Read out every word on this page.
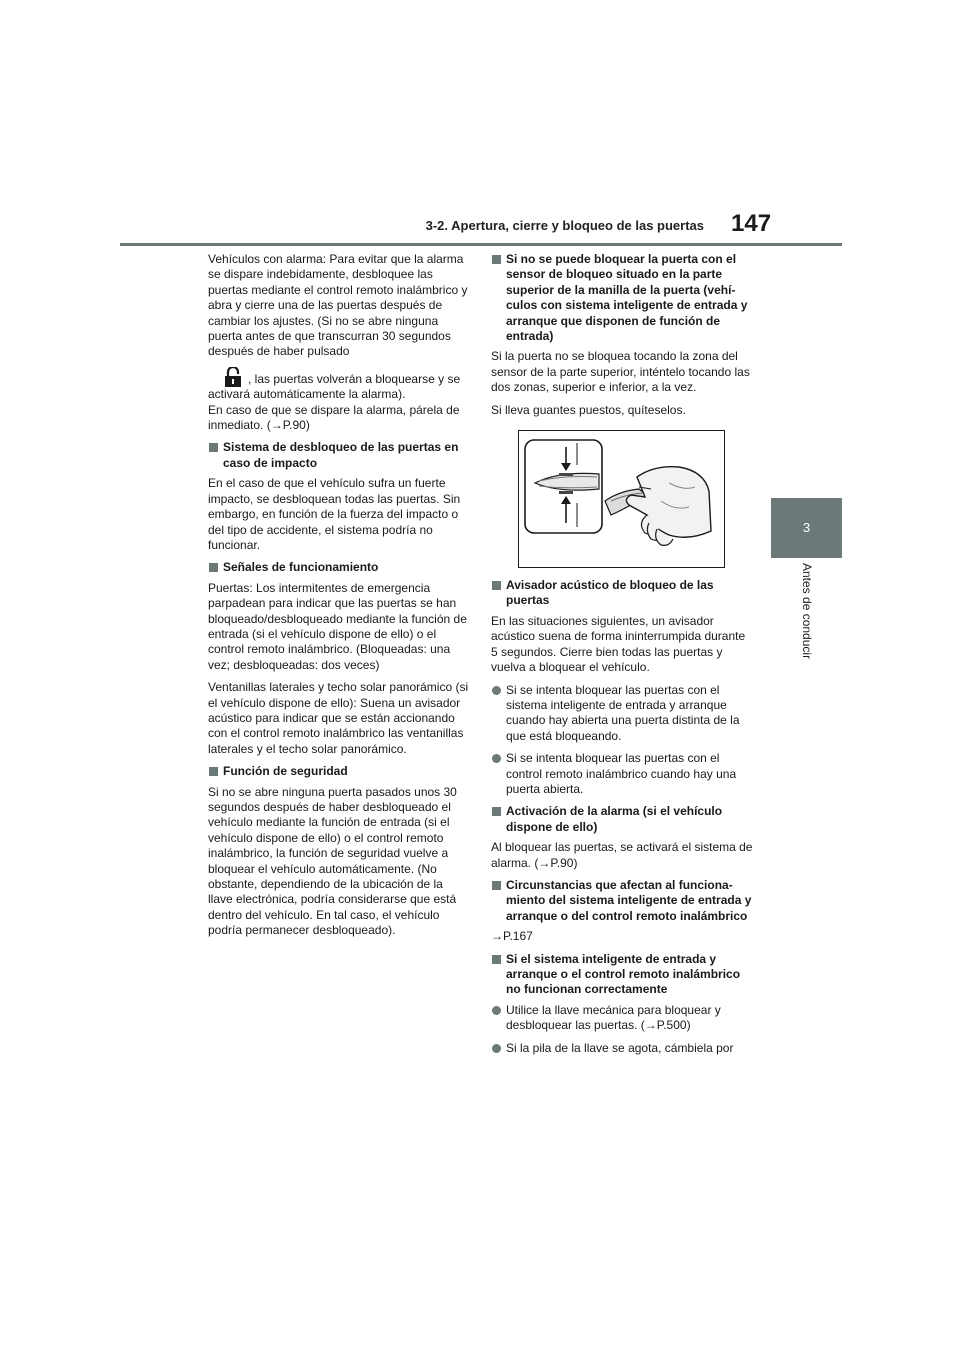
3-2. Apertura, cierre y bloqueo de las puertas 147
3
Antes de conducir

Vehículos con alarma: Para evitar que la alarma se dispare indebidamente, desbloquee las puertas mediante el control remoto inalámbrico y abra y cierre una de las puertas después de cambiar los ajustes. (Si no se abre ninguna puerta antes de que transcurran 30 segundos después de haber pulsado

, las puertas volverán a bloquearse y se activará automáticamente la alarma).

En caso de que se dispare la alarma, párela de inmediato. (→P.90)

Sistema de desbloqueo de las puertas en caso de impacto

En el caso de que el vehículo sufra un fuerte impacto, se desbloquean todas las puertas. Sin embargo, en función de la fuerza del impacto o del tipo de accidente, el sistema podría no funcionar.

Señales de funcionamiento

Puertas: Los intermitentes de emergencia parpadean para indicar que las puertas se han bloqueado/desbloqueado mediante la función de entrada (si el vehículo dispone de ello) o el control remoto inalámbrico. (Bloqueadas: una vez; desbloqueadas: dos veces)

Ventanillas laterales y techo solar panorámico (si el vehículo dispone de ello): Suena un avisador acústico para indicar que se están accionando con el control remoto inalámbrico las ventanillas laterales y el techo solar panorámico.

Función de seguridad

Si no se abre ninguna puerta pasados unos 30 segundos después de haber desbloqueado el vehículo mediante la función de entrada (si el vehículo dispone de ello) o el control remoto inalámbrico, la función de seguridad vuelve a bloquear el vehículo automáticamente. (No obstante, dependiendo de la ubicación de la llave electrónica, podría considerarse que está dentro del vehículo. En tal caso, el vehículo podría permanecer desbloqueado).

Si no se puede bloquear la puerta con el sensor de bloqueo situado en la parte superior de la manilla de la puerta (vehículos con sistema inteligente de entrada y arranque que disponen de función de entrada)

Si la puerta no se bloquea tocando la zona del sensor de la parte superior, inténtelo tocando las dos zonas, superior e inferior, a la vez.

Si lleva guantes puestos, quíteselos.

Avisador acústico de bloqueo de las puertas

En las situaciones siguientes, un avisador acústico suena de forma ininterrumpida durante 5 segundos. Cierre bien todas las puertas y vuelva a bloquear el vehículo.

Si se intenta bloquear las puertas con el sistema inteligente de entrada y arranque cuando hay abierta una puerta distinta de la que está bloqueando.
Si se intenta bloquear las puertas con el control remoto inalámbrico cuando hay una puerta abierta.
Activación de la alarma (si el vehículo dispone de ello)

Al bloquear las puertas, se activará el sistema de alarma. (→P.90)

Circunstancias que afectan al funcionamiento del sistema inteligente de entrada y arranque o del control remoto inalámbrico

→P.167

Si el sistema inteligente de entrada y arranque o el control remoto inalámbrico no funcionan correctamente
Utilice la llave mecánica para bloquear y desbloquear las puertas. (→P.500)
Si la pila de la llave se agota, cámbiela por
